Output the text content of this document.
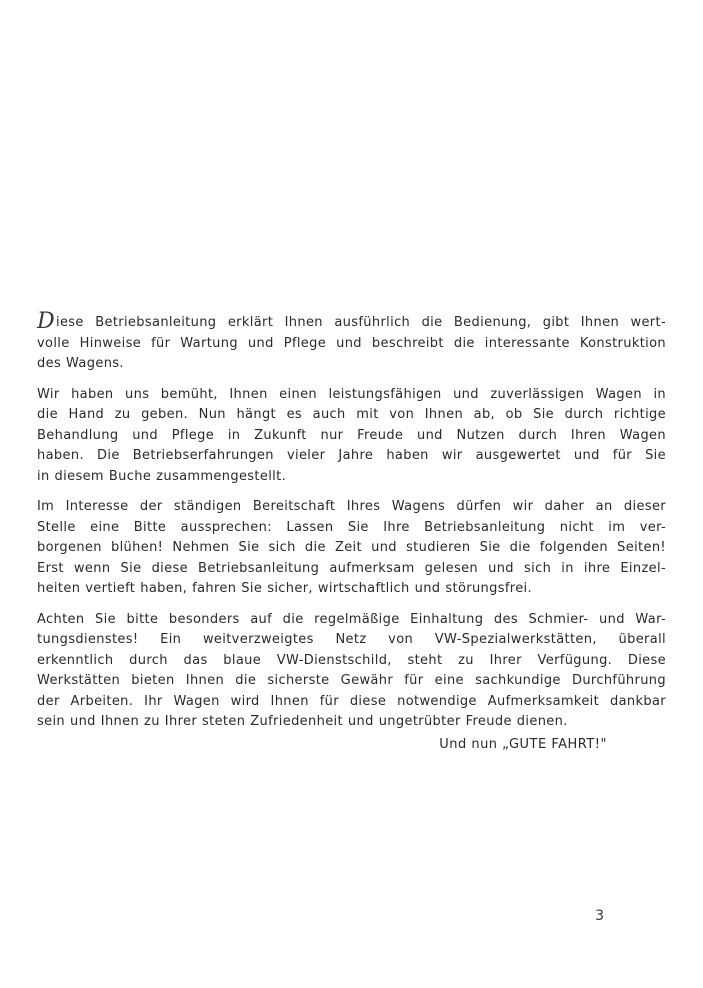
Diese Betriebsanleitung erklärt Ihnen ausführlich die Bedienung, gibt Ihnen wert-
volle Hinweise für Wartung und Pflege und beschreibt die interessante Konstruktion
des Wagens.

Wir haben uns bemüht, Ihnen einen leistungsfähigen und zuverlässigen Wagen in
die Hand zu geben. Nun hängt es auch mit von Ihnen ab, ob Sie durch richtige
Behandlung und Pflege in Zukunft nur Freude und Nutzen durch Ihren Wagen
haben. Die Betriebserfahrungen vieler Jahre haben wir ausgewertet und für Sie
in diesem Buche zusammengestellt.

Im Interesse der ständigen Bereitschaft Ihres Wagens dürfen wir daher an dieser
Stelle eine Bitte aussprechen: Lassen Sie Ihre Betriebsanleitung nicht im ver-
borgenen blühen! Nehmen Sie sich die Zeit und studieren Sie die folgenden Seiten!
Erst wenn Sie diese Betriebsanleitung aufmerksam gelesen und sich in ihre Einzel-
heiten vertieft haben, fahren Sie sicher, wirtschaftlich und störungsfrei.

Achten Sie bitte besonders auf die regelmäßige Einhaltung des Schmier- und War-
tungsdienstes! Ein weitverzweigtes Netz von VW-Spezialwerkstätten, überall
erkenntlich durch das blaue VW-Dienstschild, steht zu Ihrer Verfügung. Diese
Werkstätten bieten Ihnen die sicherste Gewähr für eine sachkundige Durchführung
der Arbeiten. Ihr Wagen wird Ihnen für diese notwendige Aufmerksamkeit dankbar
sein und Ihnen zu Ihrer steten Zufriedenheit und ungetrübter Freude dienen.

Und nun „GUTE FAHRT!"
3
